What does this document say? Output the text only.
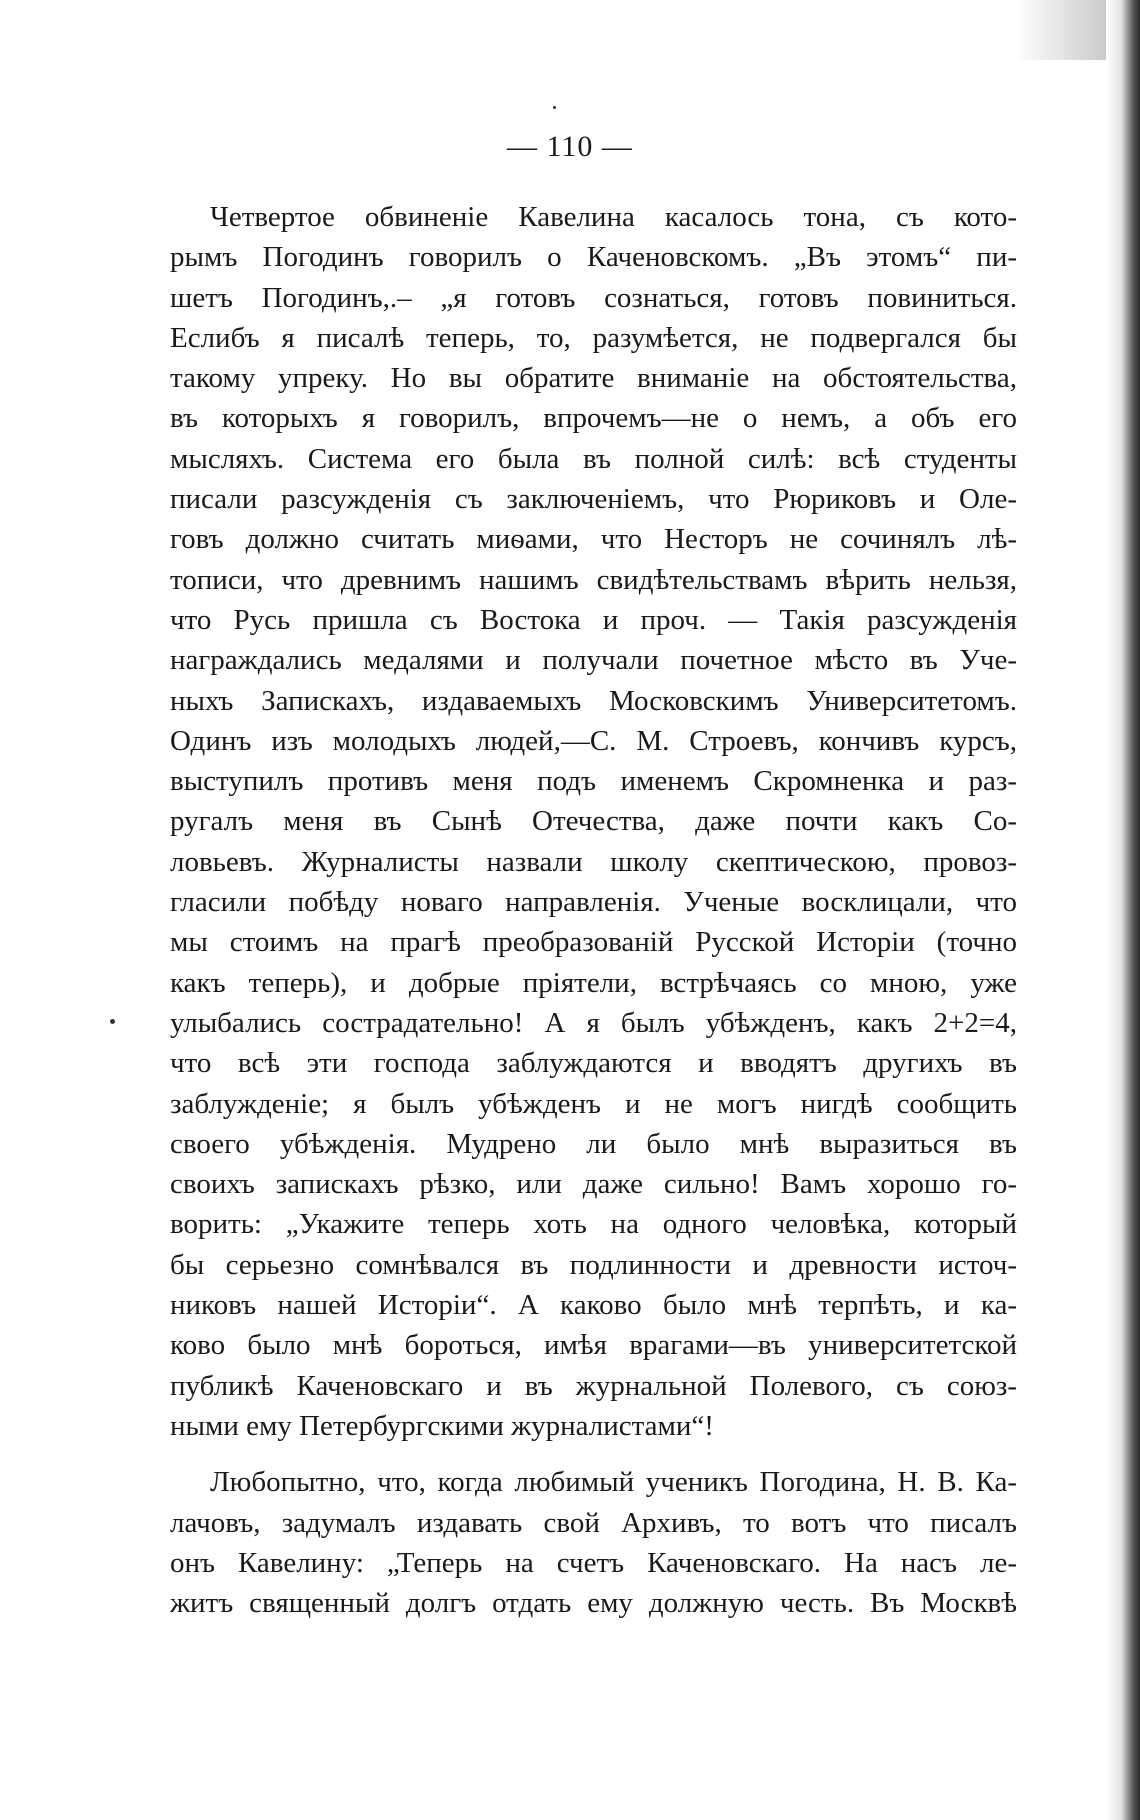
— 110 —
Четвертое обвиненіе Кавелина касалось тона, съ кото-
рымъ Погодинъ говорилъ о Каченовскомъ. „Въ этомъ“ пи-
шетъ Погодинъ,.– „я готовъ сознаться, готовъ повиниться.
Еслибъ я писалѣ теперь, то, разумѣется, не подвергался бы
такому упреку. Но вы обратите вниманіе на обстоятельства,
въ которыхъ я говорилъ, впрочемъ—не о немъ, а объ его
мысляхъ. Система его была въ полной силѣ: всѣ студенты
писали разсужденія съ заключеніемъ, что Рюриковъ и Оле-
говъ должно считать миѳами, что Несторъ не сочинялъ лѣ-
тописи, что древнимъ нашимъ свидѣтельствамъ вѣрить нельзя,
что Русь пришла съ Востока и проч. — Такія разсужденія
награждались медалями и получали почетное мѣсто въ Уче-
ныхъ Запискахъ, издаваемыхъ Московскимъ Университетомъ.
Одинъ изъ молодыхъ людей,—С. М. Строевъ, кончивъ курсъ,
выступилъ противъ меня подъ именемъ Скромненка и раз-
ругалъ меня въ Сынѣ Отечества, даже почти какъ Со-
ловьевъ. Журналисты назвали школу скептическою, провоз-
гласили побѣду новаго направленія. Ученые восклицали, что
мы стоимъ на прагѣ преобразованій Русской Исторіи (точно
какъ теперь), и добрые пріятели, встрѣчаясь со мною, уже
улыбались сострадательно! А я былъ убѣжденъ, какъ 2+2=4,
что всѣ эти господа заблуждаются и вводятъ другихъ въ
заблужденіе; я былъ убѣжденъ и не могъ нигдѣ сообщить
своего убѣжденія. Мудрено ли было мнѣ выразиться въ
своихъ запискахъ рѣзко, или даже сильно! Вамъ хорошо го-
ворить: „Укажите теперь хоть на одного человѣка, который
бы серьезно сомнѣвался въ подлинности и древности источ-
никовъ нашей Исторіи“. А каково было мнѣ терпѣть, и ка-
ково было мнѣ бороться, имѣя врагами—въ университетской
публикѣ Каченовскаго и въ журнальной Полевого, съ союз-
ными ему Петербургскими журналистами“!
Любопытно, что, когда любимый ученикъ Погодина, Н. В. Ка-
лачовъ, задумалъ издавать свой Архивъ, то вотъ что писалъ
онъ Кавелину: „Теперь на счетъ Каченовскаго. На насъ ле-
житъ священный долгъ отдать ему должную честь. Въ Москвѣ
